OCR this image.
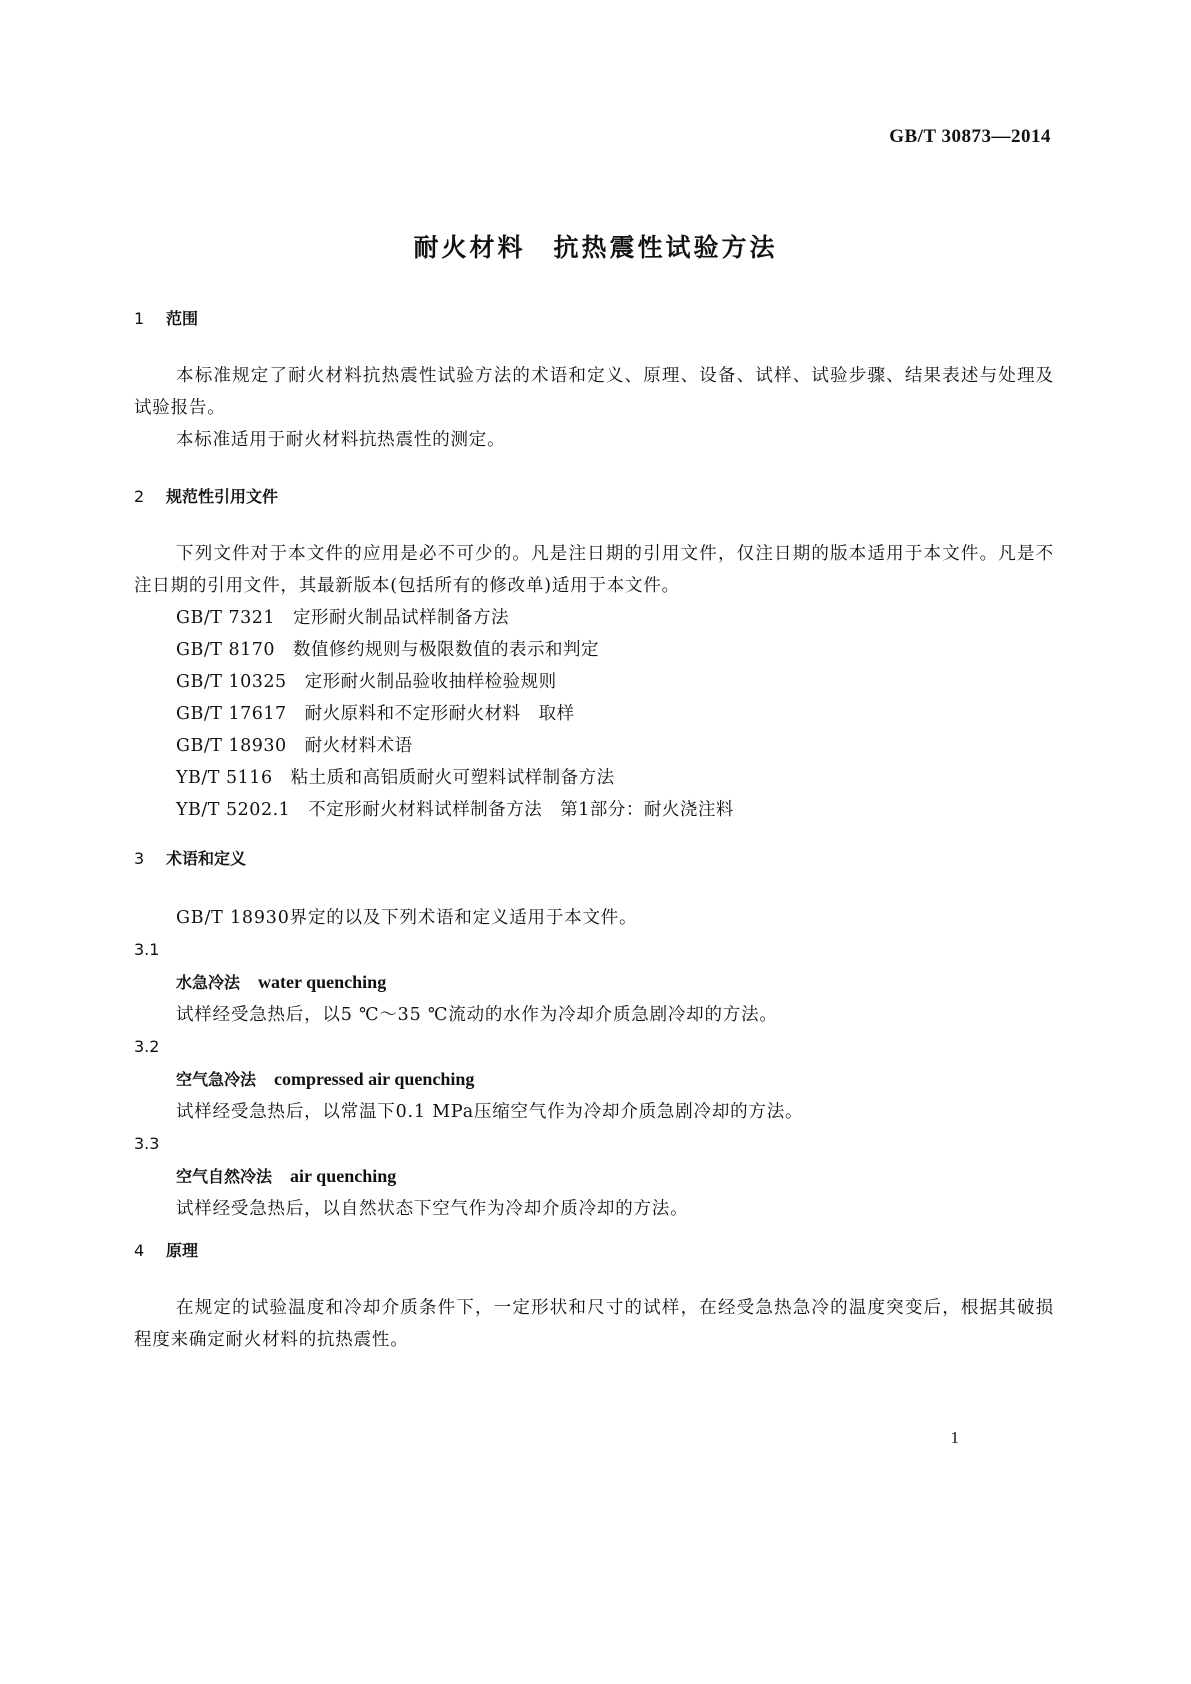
GB/T 30873—2014
耐火材料　抗热震性试验方法
1 范围
本标准规定了耐火材料抗热震性试验方法的术语和定义、原理、设备、试样、试验步骤、结果表述与处理及试验报告。
本标准适用于耐火材料抗热震性的测定。
2 规范性引用文件
下列文件对于本文件的应用是必不可少的。凡是注日期的引用文件，仅注日期的版本适用于本文件。凡是不注日期的引用文件，其最新版本(包括所有的修改单)适用于本文件。
GB/T 7321　定形耐火制品试样制备方法
GB/T 8170　数值修约规则与极限数值的表示和判定
GB/T 10325　定形耐火制品验收抽样检验规则
GB/T 17617　耐火原料和不定形耐火材料　取样
GB/T 18930　耐火材料术语
YB/T 5116　粘土质和高铝质耐火可塑料试样制备方法
YB/T 5202.1　不定形耐火材料试样制备方法　第1部分：耐火浇注料
3 术语和定义
GB/T 18930界定的以及下列术语和定义适用于本文件。
3.1
水急冷法 water quenching
试样经受急热后，以5 ℃～35 ℃流动的水作为冷却介质急剧冷却的方法。
3.2
空气急冷法 compressed air quenching
试样经受急热后，以常温下0.1 MPa压缩空气作为冷却介质急剧冷却的方法。
3.3
空气自然冷法 air quenching
试样经受急热后，以自然状态下空气作为冷却介质冷却的方法。
4 原理
在规定的试验温度和冷却介质条件下，一定形状和尺寸的试样，在经受急热急冷的温度突变后，根据其破损程度来确定耐火材料的抗热震性。
1
